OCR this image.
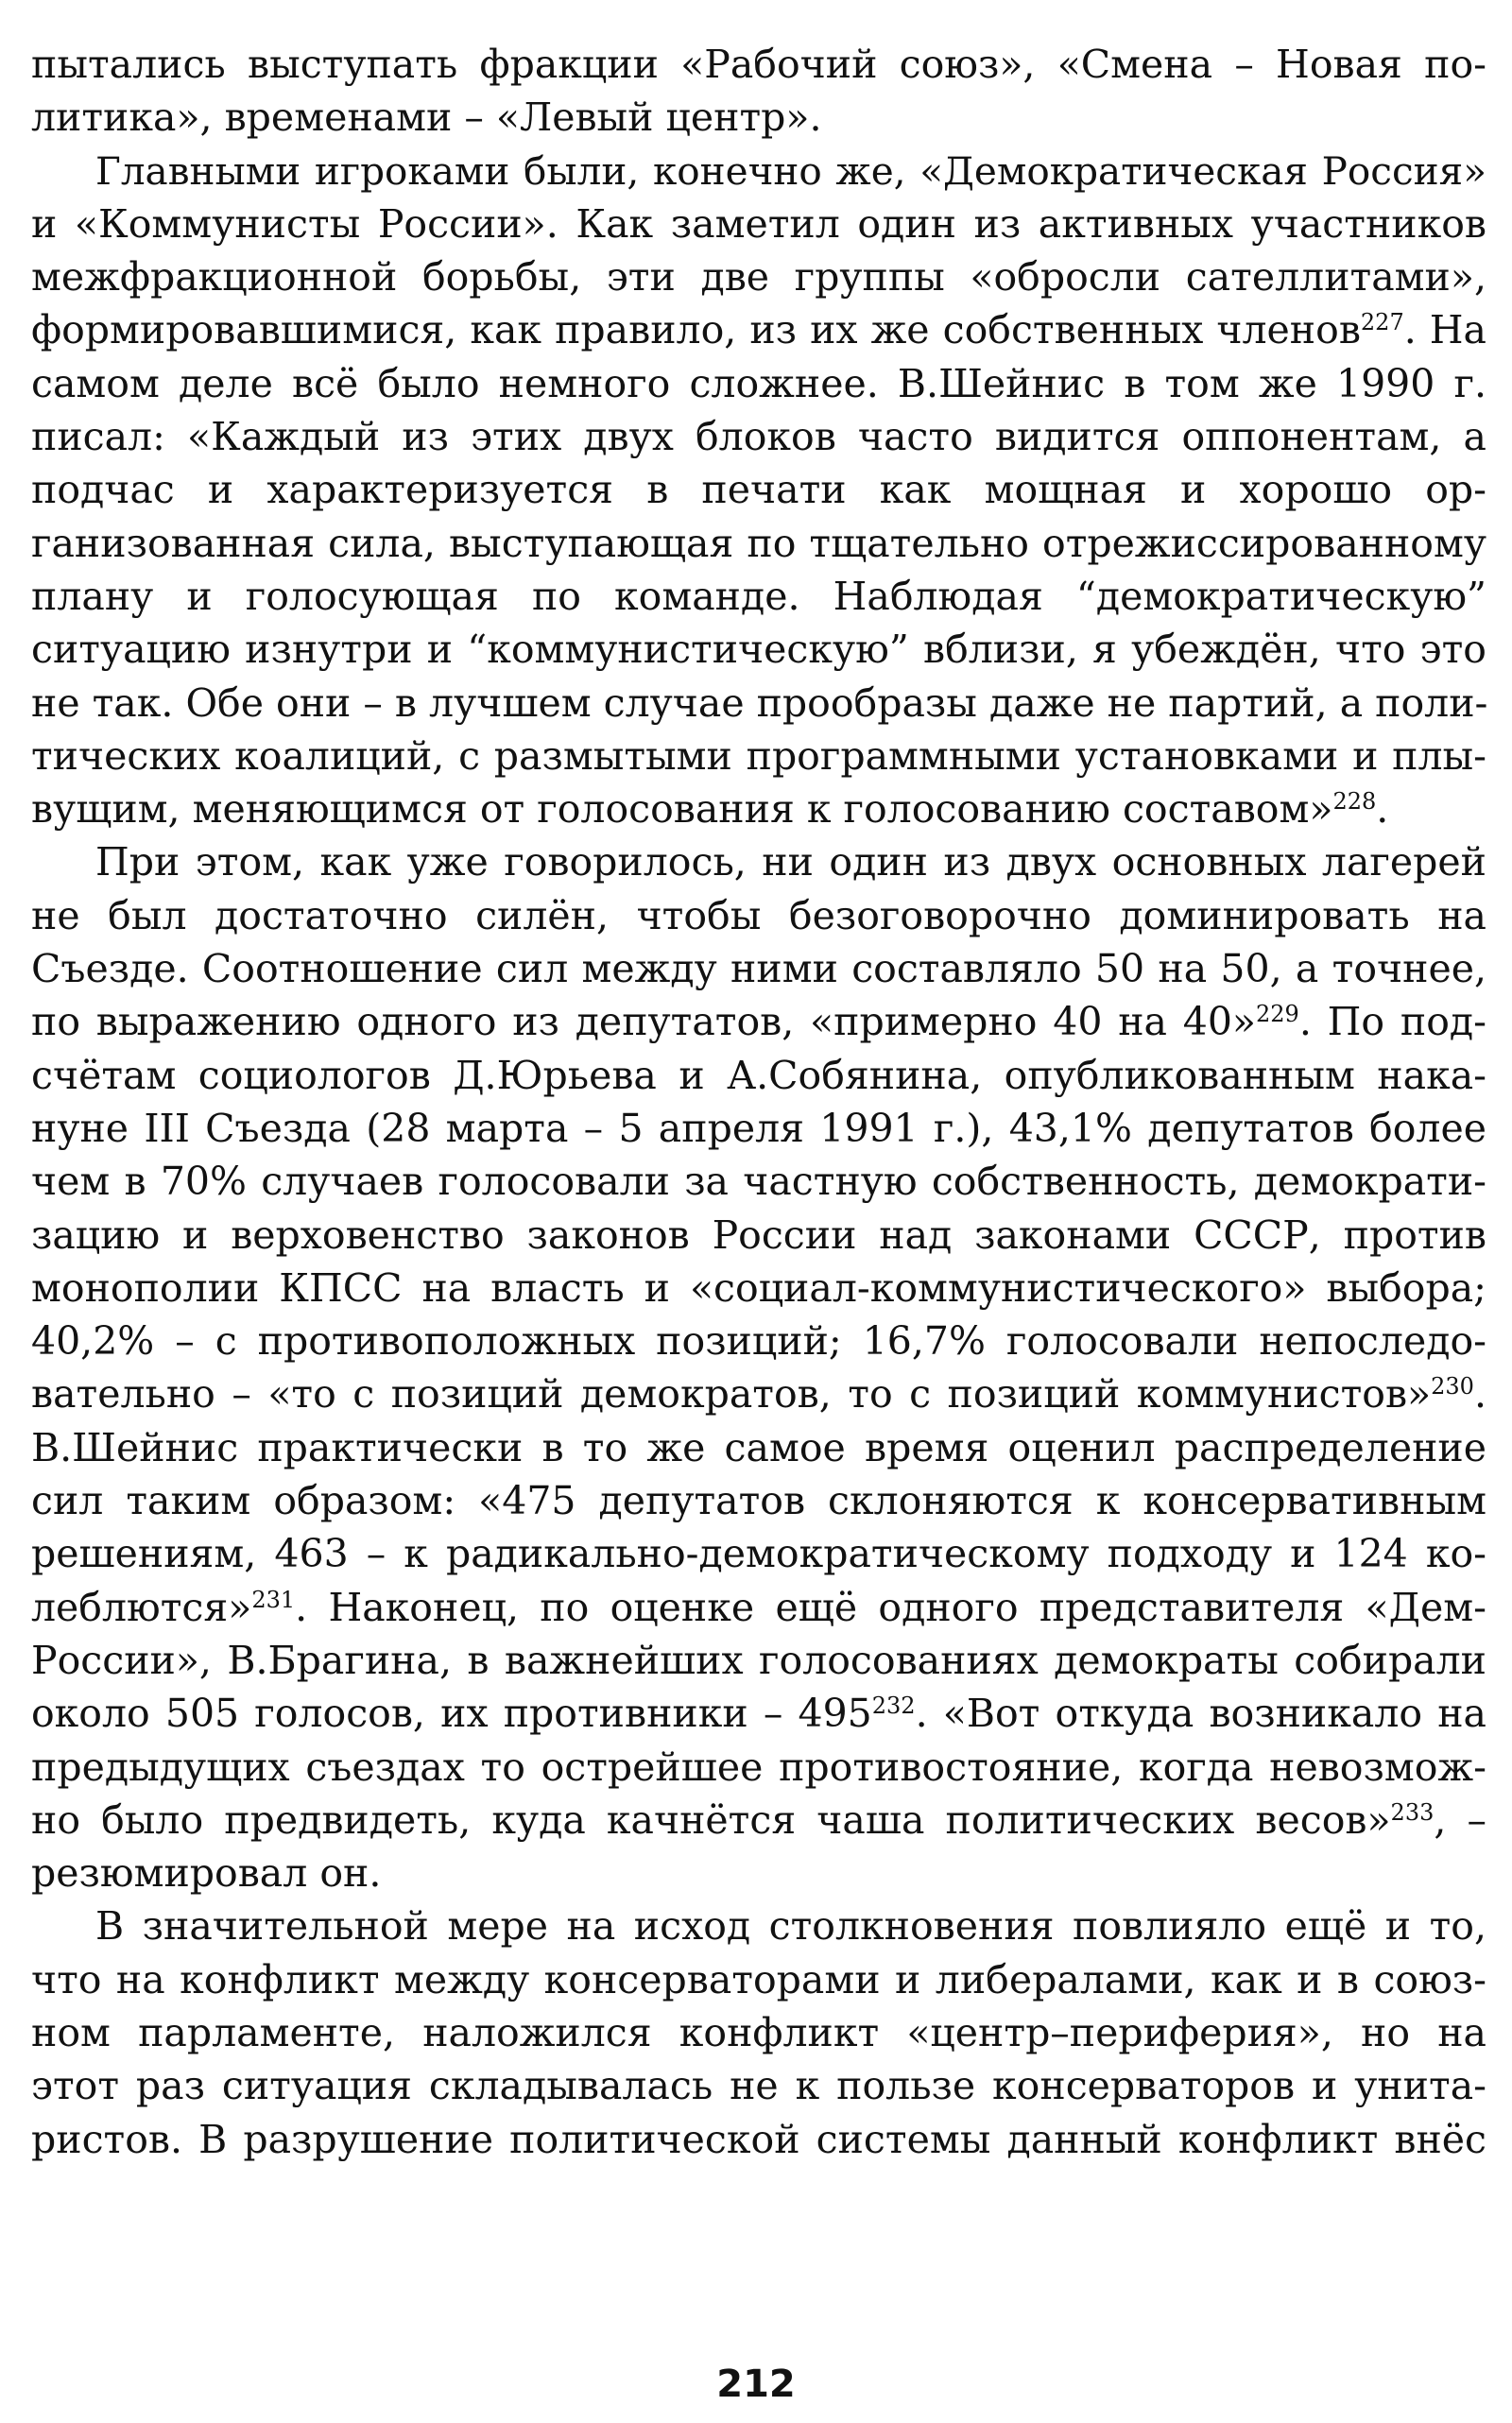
пытались выступать фракции «Рабочий союз», «Смена – Новая по-
литика», временами – «Левый центр».
Главными игроками были, конечно же, «Демократическая Россия»
и «Коммунисты России». Как заметил один из активных участников
межфракционной борьбы, эти две группы «обросли сателлитами»,
формировавшимися, как правило, из их же собственных членов$^{227}$. На
самом деле всё было немного сложнее. В.Шейнис в том же 1990 г.
писал: «Каждый из этих двух блоков часто видится оппонентам, а
подчас и характеризуется в печати как мощная и хорошо ор-
ганизованная сила, выступающая по тщательно отрежиссированному
плану и голосующая по команде. Наблюдая “демократическую”
ситуацию изнутри и “коммунистическую” вблизи, я убеждён, что это
не так. Обе они – в лучшем случае прообразы даже не партий, а поли-
тических коалиций, с размытыми программными установками и плы-
вущим, меняющимся от голосования к голосованию составом»$^{228}$.
При этом, как уже говорилось, ни один из двух основных лагерей
не был достаточно силён, чтобы безоговорочно доминировать на
Съезде. Соотношение сил между ними составляло 50 на 50, а точнее,
по выражению одного из депутатов, «примерно 40 на 40»$^{229}$. По под-
счётам социологов Д.Юрьева и А.Собянина, опубликованным нака-
нуне III Съезда (28 марта – 5 апреля 1991 г.), 43,1% депутатов более
чем в 70% случаев голосовали за частную собственность, демократи-
зацию и верховенство законов России над законами СССР, против
монополии КПСС на власть и «социал-коммунистического» выбора;
40,2% – с противоположных позиций; 16,7% голосовали непоследо-
вательно – «то с позиций демократов, то с позиций коммунистов»$^{230}$.
В.Шейнис практически в то же самое время оценил распределение
сил таким образом: «475 депутатов склоняются к консервативным
решениям, 463 – к радикально-демократическому подходу и 124 ко-
леблются»$^{231}$. Наконец, по оценке ещё одного представителя «Дем-
России», В.Брагина, в важнейших голосованиях демократы собирали
около 505 голосов, их противники – $495^{232}$. «Вот откуда возникало на
предыдущих съездах то острейшее противостояние, когда невозмож-
но было предвидеть, куда качнётся чаша политических весов»$^{233}$, –
резюмировал он.
В значительной мере на исход столкновения повлияло ещё и то,
что на конфликт между консерваторами и либералами, как и в союз-
ном парламенте, наложился конфликт «центр–периферия», но на
этот раз ситуация складывалась не к пользе консерваторов и унита-
ристов. В разрушение политической системы данный конфликт внёс
212
